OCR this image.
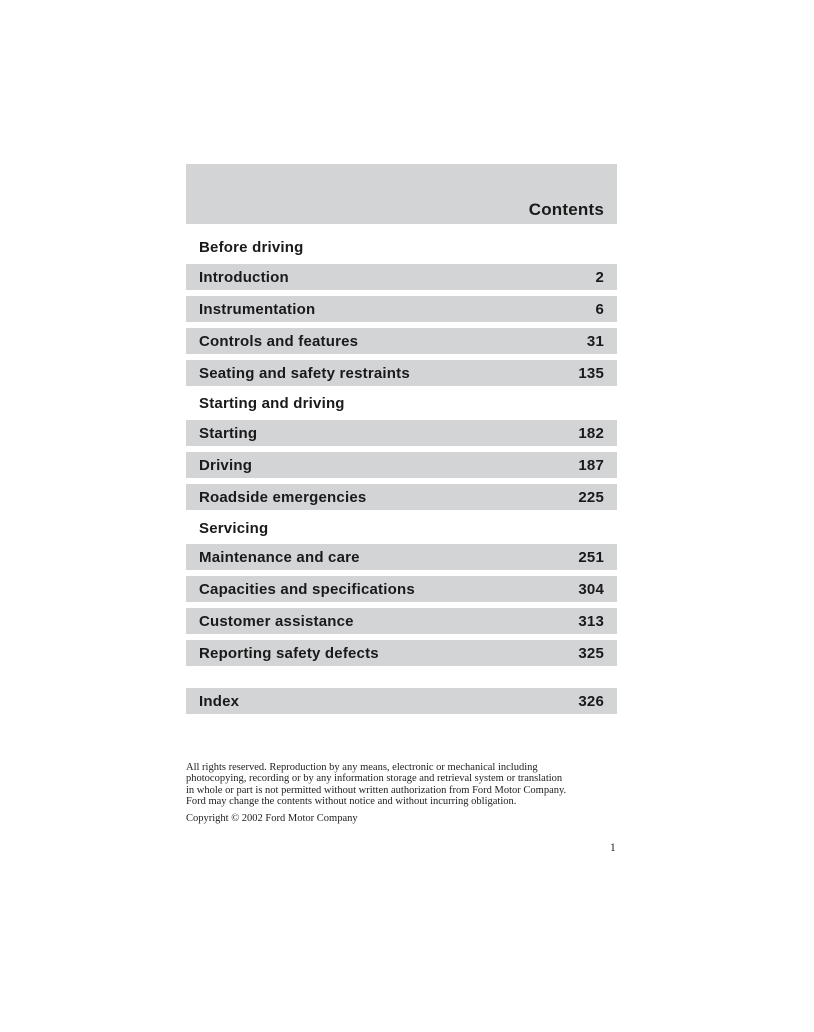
Contents
Before driving
Introduction	2
Instrumentation	6
Controls and features	31
Seating and safety restraints	135
Starting and driving
Starting	182
Driving	187
Roadside emergencies	225
Servicing
Maintenance and care	251
Capacities and specifications	304
Customer assistance	313
Reporting safety defects	325
Index	326

All rights reserved. Reproduction by any means, electronic or mechanical including

photocopying, recording or by any information storage and retrieval system or translation

in whole or part is not permitted without written authorization from Ford Motor Company.

Ford may change the contents without notice and without incurring obligation.

Copyright © 2002 Ford Motor Company
1
